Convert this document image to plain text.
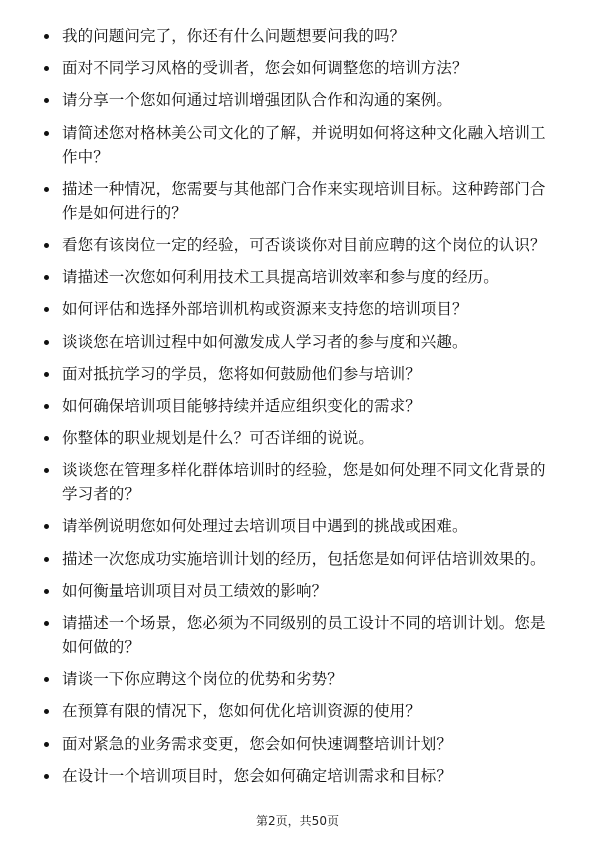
我的问题问完了，你还有什么问题想要问我的吗？
面对不同学习风格的受训者，您会如何调整您的培训方法？
请分享一个您如何通过培训增强团队合作和沟通的案例。
请简述您对格林美公司文化的了解，并说明如何将这种文化融入培训工作中？
描述一种情况，您需要与其他部门合作来实现培训目标。这种跨部门合作是如何进行的？
看您有该岗位一定的经验，可否谈谈你对目前应聘的这个岗位的认识？
请描述一次您如何利用技术工具提高培训效率和参与度的经历。
如何评估和选择外部培训机构或资源来支持您的培训项目？
谈谈您在培训过程中如何激发成人学习者的参与度和兴趣。
面对抵抗学习的学员，您将如何鼓励他们参与培训？
如何确保培训项目能够持续并适应组织变化的需求？
你整体的职业规划是什么？可否详细的说说。
谈谈您在管理多样化群体培训时的经验，您是如何处理不同文化背景的学习者的？
请举例说明您如何处理过去培训项目中遇到的挑战或困难。
描述一次您成功实施培训计划的经历，包括您是如何评估培训效果的。
如何衡量培训项目对员工绩效的影响？
请描述一个场景，您必须为不同级别的员工设计不同的培训计划。您是如何做的？
请谈一下你应聘这个岗位的优势和劣势？
在预算有限的情况下，您如何优化培训资源的使用？
面对紧急的业务需求变更，您会如何快速调整培训计划？
在设计一个培训项目时，您会如何确定培训需求和目标？
第2页，共50页
